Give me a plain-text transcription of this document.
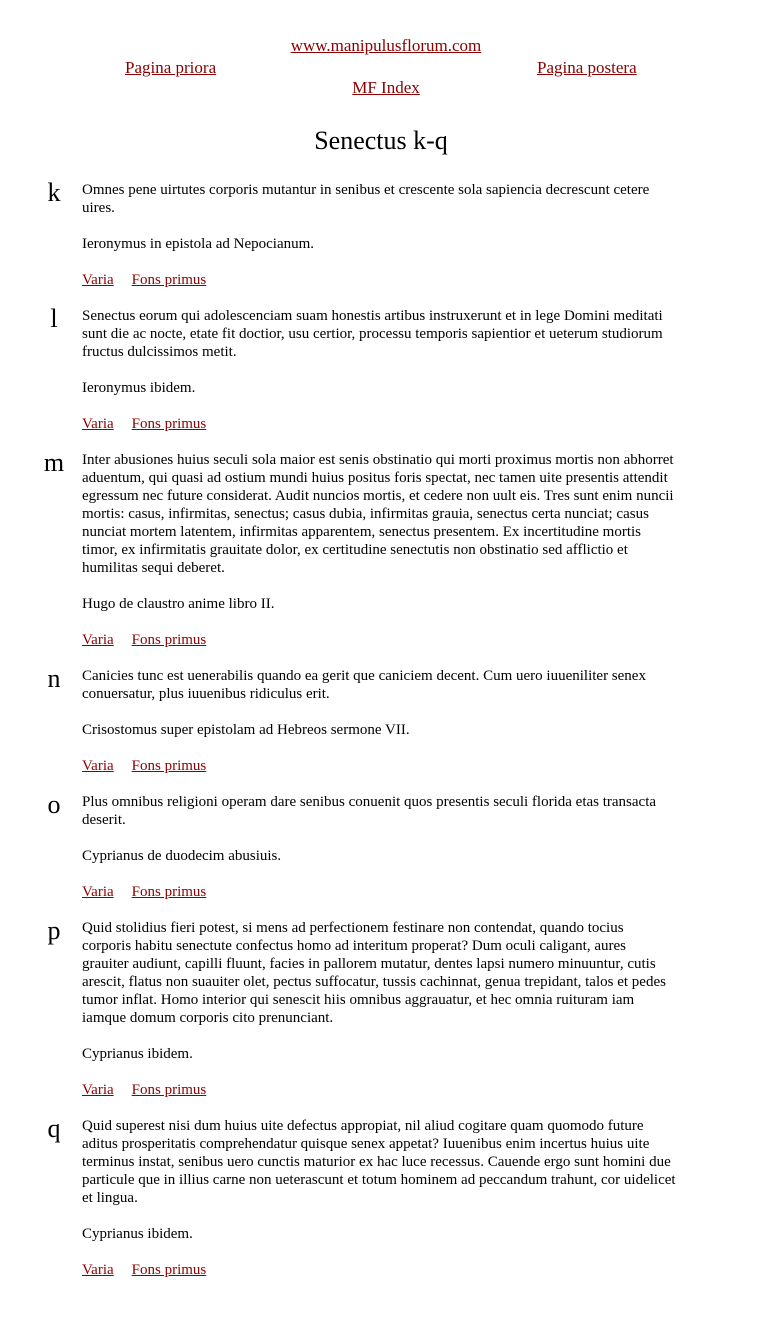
www.manipulusflorum.com
Pagina priora	Pagina postera
MF Index
Senectus k-q
k	Omnes pene uirtutes corporis mutantur in senibus et crescente sola sapiencia decrescunt cetere uires.

Ieronymus in epistola ad Nepocianum.

Varia Fons primus

l	Senectus eorum qui adolescenciam suam honestis artibus instruxerunt et in lege Domini meditati sunt die ac nocte, etate fit doctior, usu certior, processu temporis sapientior et ueterum studiorum fructus dulcissimos metit.

Ieronymus ibidem.

Varia Fons primus

m Inter abusiones huius seculi sola maior est senis obstinatio qui morti proximus mortis non abhorret aduentum, qui quasi ad ostium mundi huius positus foris spectat, nec tamen uite presentis attendit egressum nec future considerat. Audit nuncios mortis, et cedere non uult eis. Tres sunt enim nuncii mortis: casus, infirmitas, senectus; casus dubia, infirmitas grauia, senectus certa nunciat; casus nunciat mortem latentem, infirmitas apparentem, senectus presentem. Ex incertitudine mortis timor, ex infirmitatis grauitate dolor, ex certitudine senectutis non obstinatio sed afflictio et humilitas sequi deberet.

Hugo de claustro anime libro II.

Varia Fons primus

n	Canicies tunc est uenerabilis quando ea gerit que caniciem decent. Cum uero iuueniliter senex conuersatur, plus iuuenibus ridiculus erit.

Crisostomus super epistolam ad Hebreos sermone VII.

Varia Fons primus

o	Plus omnibus religioni operam dare senibus conuenit quos presentis seculi florida etas transacta deserit.

Cyprianus de duodecim abusiuis.

Varia Fons primus

p	Quid stolidius fieri potest, si mens ad perfectionem festinare non contendat, quando tocius corporis habitu senectute confectus homo ad interitum properat? Dum oculi caligant, aures grauiter audiunt, capilli fluunt, facies in pallorem mutatur, dentes lapsi numero minuuntur, cutis arescit, flatus non suauiter olet, pectus suffocatur, tussis cachinnat, genua trepidant, talos et pedes tumor inflat. Homo interior qui senescit hiis omnibus aggrauatur, et hec omnia ruituram iam iamque domum corporis cito prenunciant.

Cyprianus ibidem.

Varia Fons primus

q	Quid superest nisi dum huius uite defectus appropiat, nil aliud cogitare quam quomodo future aditus prosperitatis comprehendatur quisque senex appetat? Iuuenibus enim incertus huius uite terminus instat, senibus uero cunctis maturior ex hac luce recessus. Cauende ergo sunt homini due particule que in illius carne non ueterascunt et totum hominem ad peccandum trahunt, cor uidelicet et lingua.

Cyprianus ibidem.

Varia Fons primus
